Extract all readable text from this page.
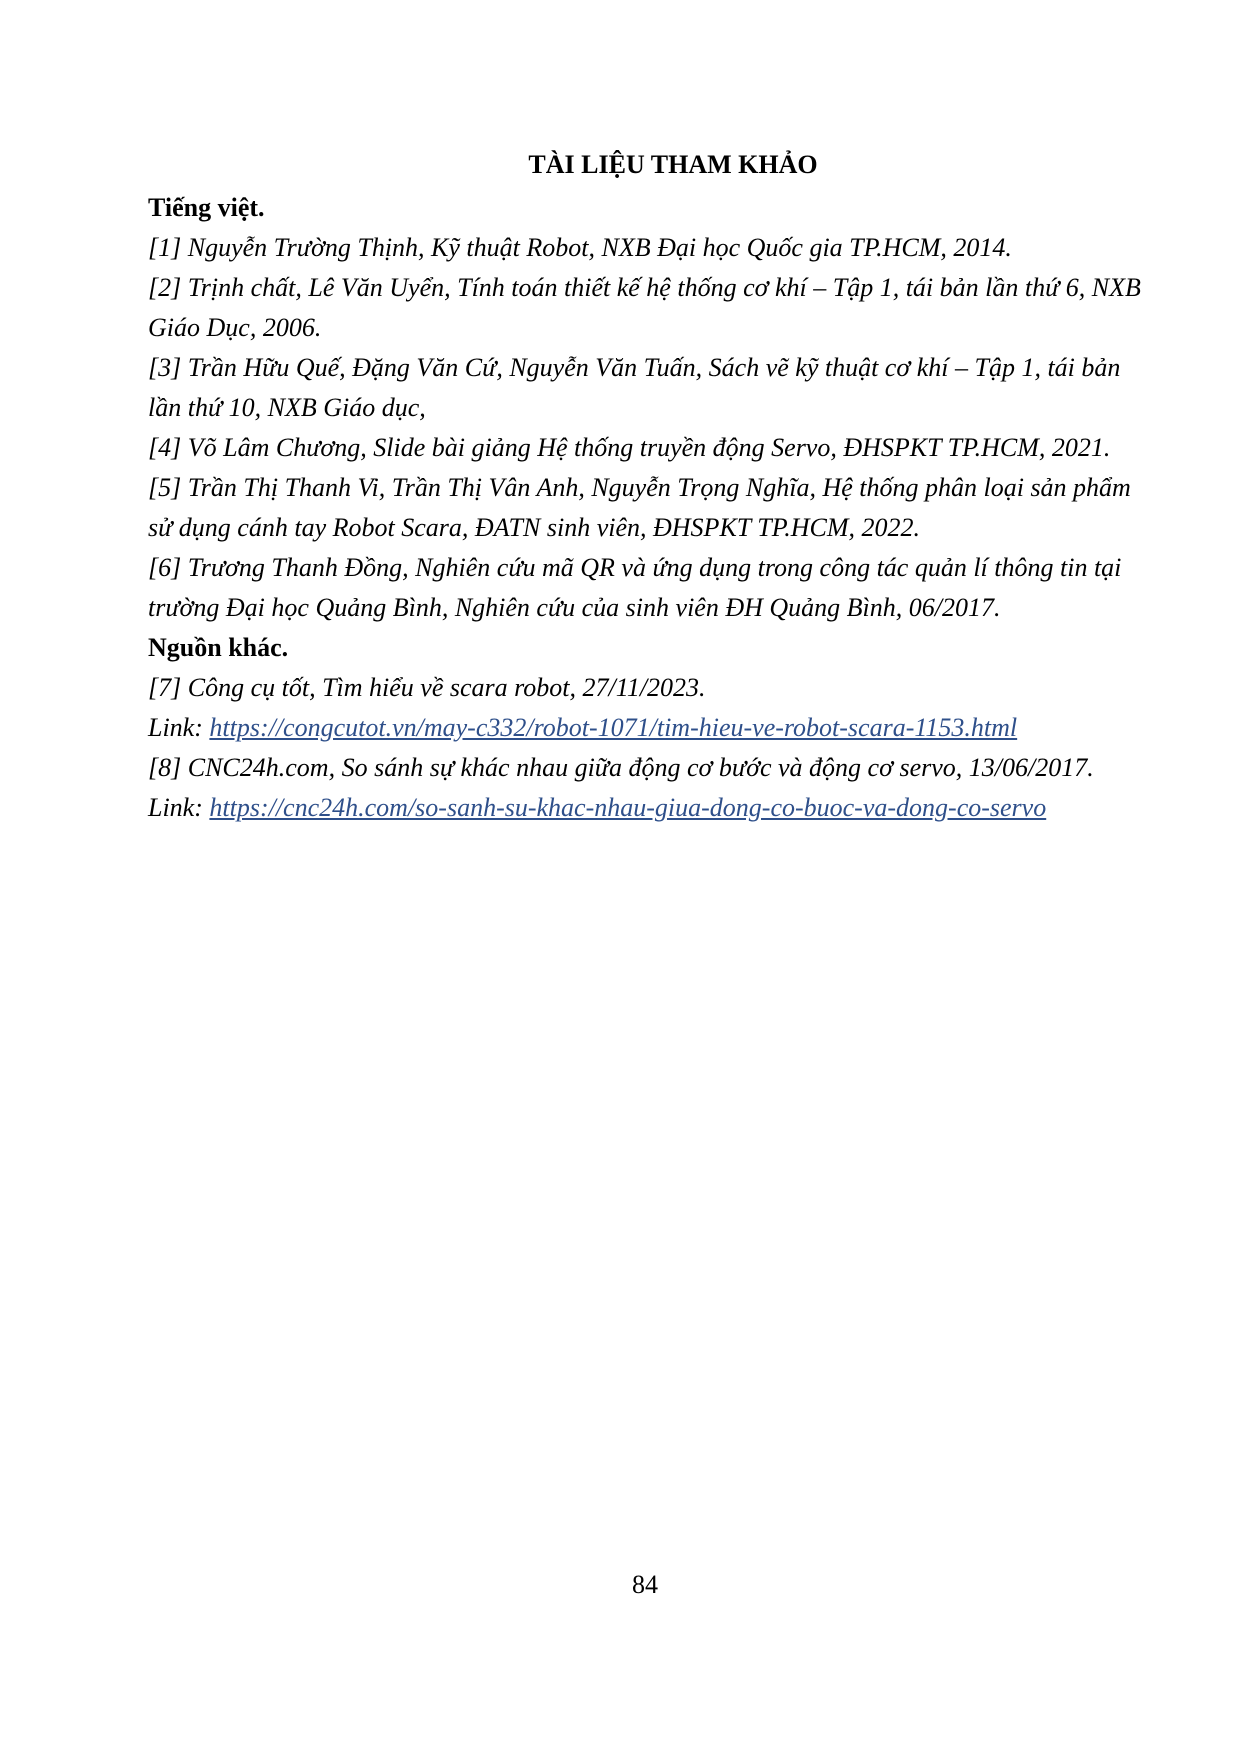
TÀI LIỆU THAM KHẢO
Tiếng việt.

[1] Nguyễn Trường Thịnh, Kỹ thuật Robot, NXB Đại học Quốc gia TP.HCM, 2014.

[2] Trịnh chất, Lê Văn Uyển, Tính toán thiết kế hệ thống cơ khí – Tập 1, tái bản lần thứ 6, NXB Giáo Dục, 2006.

[3] Trần Hữu Quế, Đặng Văn Cứ, Nguyễn Văn Tuấn, Sách vẽ kỹ thuật cơ khí – Tập 1, tái bản lần thứ 10, NXB Giáo dục,

[4] Võ Lâm Chương, Slide bài giảng Hệ thống truyền động Servo, ĐHSPKT TP.HCM, 2021.

[5] Trần Thị Thanh Vi, Trần Thị Vân Anh, Nguyễn Trọng Nghĩa, Hệ thống phân loại sản phẩm sử dụng cánh tay Robot Scara, ĐATN sinh viên, ĐHSPKT TP.HCM, 2022.

[6] Trương Thanh Đồng, Nghiên cứu mã QR và ứng dụng trong công tác quản lí thông tin tại trường Đại học Quảng Bình, Nghiên cứu của sinh viên ĐH Quảng Bình, 06/2017.

Nguồn khác.

[7] Công cụ tốt, Tìm hiểu về scara robot, 27/11/2023.

Link: https://congcutot.vn/may-c332/robot-1071/tim-hieu-ve-robot-scara-1153.html

[8] CNC24h.com, So sánh sự khác nhau giữa động cơ bước và động cơ servo, 13/06/2017.

Link: https://cnc24h.com/so-sanh-su-khac-nhau-giua-dong-co-buoc-va-dong-co-servo

84
